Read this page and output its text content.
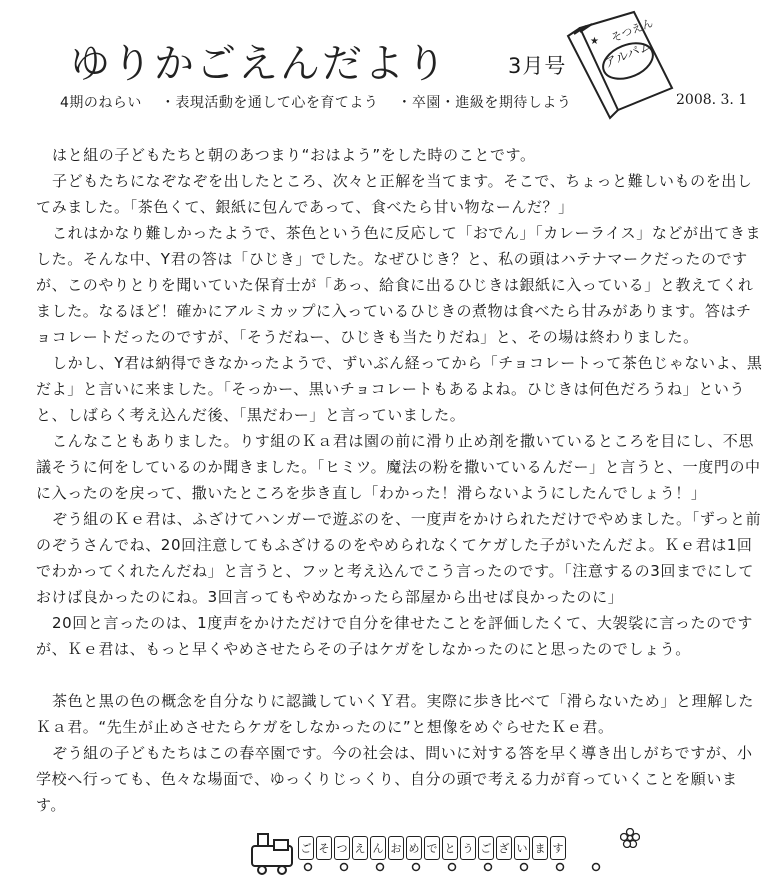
ゆりかごえんだより	3月号
そつえん
アルバム
★
4期のねらい ・表現活動を通して心を育てよう ・卒園・進級を期待しよう	2008. 3. 1

はと組の子どもたちと朝のあつまり“おはよう”をした時のことです。

子どもたちになぞなぞを出したところ、次々と正解を当てます。そこで、ちょっと難しいものを出してみました。「茶色くて、銀紙に包んであって、食べたら甘い物なーんだ？」

これはかなり難しかったようで、茶色という色に反応して「おでん」「カレーライス」などが出てきました。そんな中、Y君の答は「ひじき」でした。なぜひじき？と、私の頭はハテナマークだったのですが、このやりとりを聞いていた保育士が「あっ、給食に出るひじきは銀紙に入っている」と教えてくれました。なるほど！確かにアルミカップに入っているひじきの煮物は食べたら甘みがあります。答はチョコレートだったのですが、「そうだねー、ひじきも当たりだね」と、その場は終わりました。

しかし、Y君は納得できなかったようで、ずいぶん経ってから「チョコレートって茶色じゃないよ、黒だよ」と言いに来ました。「そっかー、黒いチョコレートもあるよね。ひじきは何色だろうね」というと、しばらく考え込んだ後、「黒だわー」と言っていました。

こんなこともありました。りす組のＫａ君は園の前に滑り止め剤を撒いているところを目にし、不思議そうに何をしているのか聞きました。「ヒミツ。魔法の粉を撒いているんだー」と言うと、一度門の中に入ったのを戻って、撒いたところを歩き直し「わかった！滑らないようにしたんでしょう！」

ぞう組のＫｅ君は、ふざけてハンガーで遊ぶのを、一度声をかけられただけでやめました。「ずっと前のぞうさんでね、20回注意してもふざけるのをやめられなくてケガした子がいたんだよ。Ｋｅ君は1回でわかってくれたんだね」と言うと、フッと考え込んでこう言ったのです。「注意するの3回までにしておけば良かったのにね。3回言ってもやめなかったら部屋から出せば良かったのに」

20回と言ったのは、1度声をかけただけで自分を律せたことを評価したくて、大袈裟に言ったのですが、Ｋｅ君は、もっと早くやめさせたらその子はケガをしなかったのにと思ったのでしょう。

茶色と黒の色の概念を自分なりに認識していくＹ君。実際に歩き比べて「滑らないため」と理解したＫａ君。“先生が止めさせたらケガをしなかったのに”と想像をめぐらせたＫｅ君。

ぞう組の子どもたちはこの春卒園です。今の社会は、問いに対する答を早く導き出しがちですが、小学校へ行っても、色々な場面で、ゆっくりじっくり、自分の頭で考える力が育っていくことを願います。

ご そ つ え ん お め で と う ご ざ い ま す
